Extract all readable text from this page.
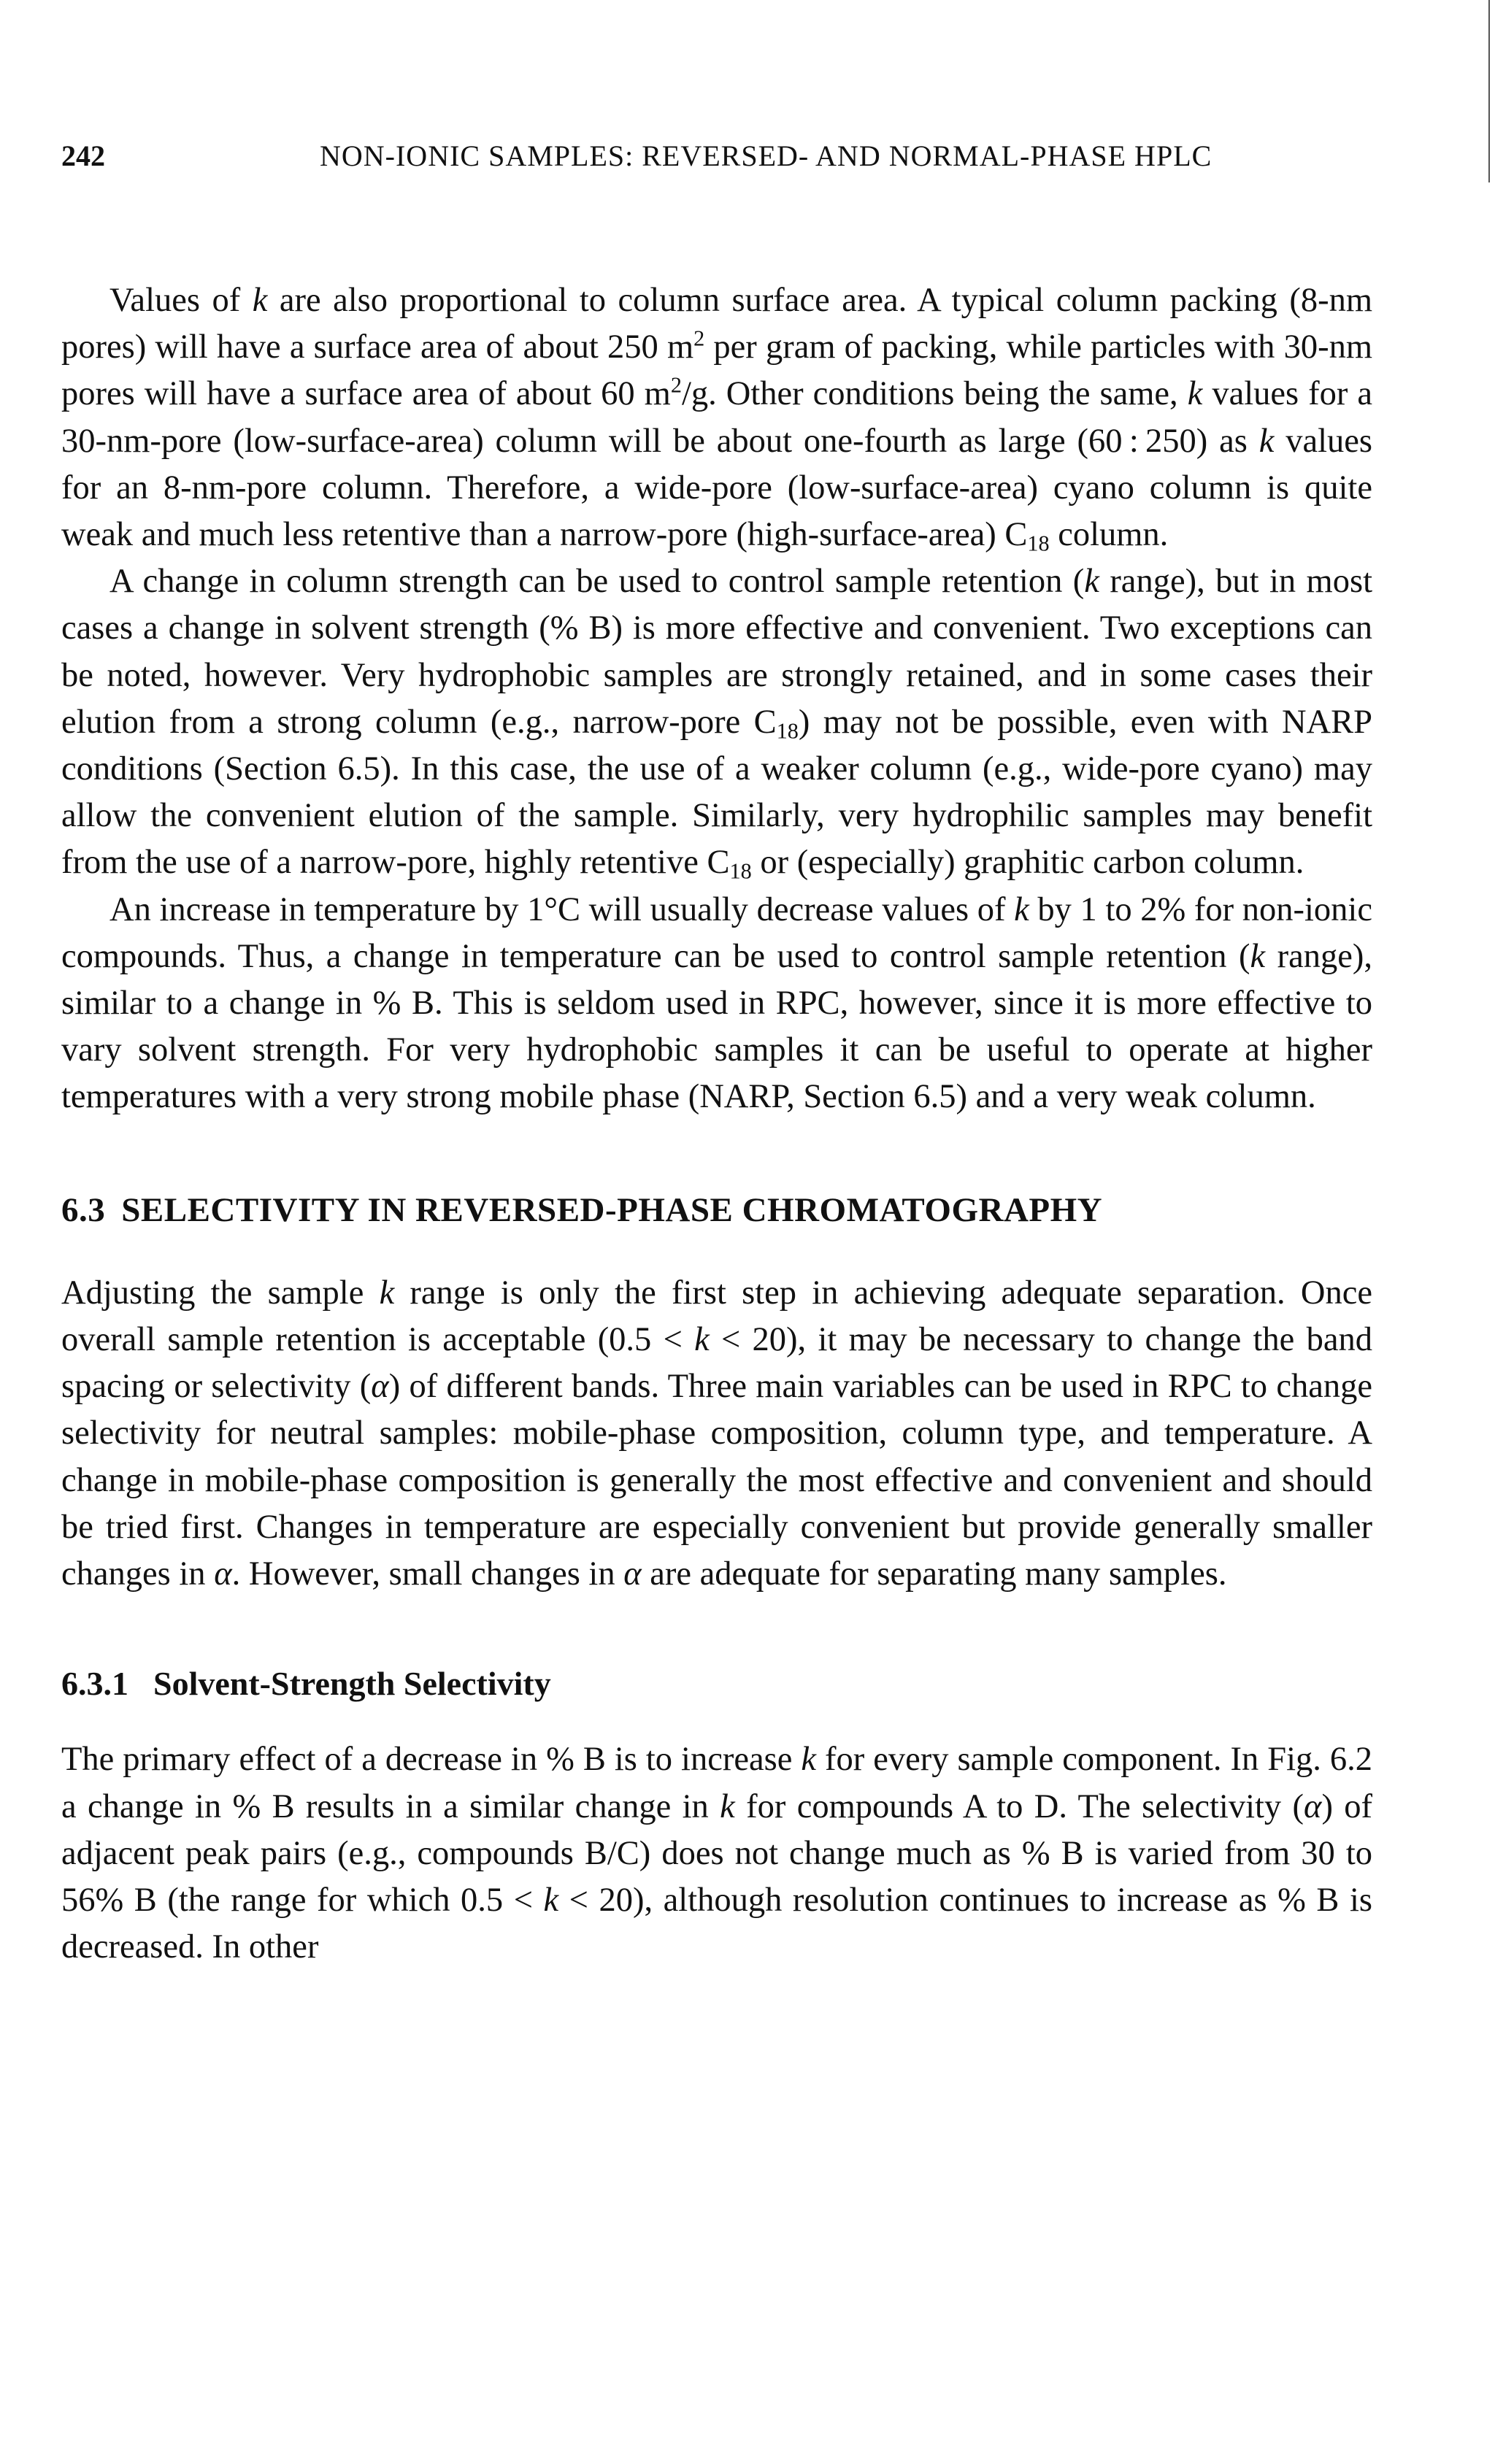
242	NON-IONIC SAMPLES: REVERSED- AND NORMAL-PHASE HPLC

Values of k are also proportional to column surface area. A typical column packing (8-nm pores) will have a surface area of about 250 $m^2$ per gram of packing, while particles with 30-nm pores will have a surface area of about 60 $m^2/g$. Other conditions being the same, k values for a 30-nm-pore (low-surface-area) column will be about one-fourth as large (60 : 250) as k values for an 8-nm-pore column. Therefore, a wide-pore (low-surface-area) cyano column is quite weak and much less retentive than a narrow-pore (high-surface-area) $C_{18}$ column.

A change in column strength can be used to control sample retention (k range), but in most cases a change in solvent strength (% B) is more effective and convenient. Two exceptions can be noted, however. Very hydrophobic samples are strongly retained, and in some cases their elution from a strong column (e.g., narrow-pore $C_{18}$) may not be possible, even with NARP conditions (Section 6.5). In this case, the use of a weaker column (e.g., wide-pore cyano) may allow the convenient elution of the sample. Similarly, very hydrophilic samples may benefit from the use of a narrow-pore, highly retentive $C_{18}$ or (especially) graphitic carbon column.

An increase in temperature by 1°C will usually decrease values of k by 1 to 2% for non-ionic compounds. Thus, a change in temperature can be used to control sample retention (k range), similar to a change in % B. This is seldom used in RPC, however, since it is more effective to vary solvent strength. For very hydrophobic samples it can be useful to operate at higher temperatures with a very strong mobile phase (NARP, Section 6.5) and a very weak column.

6.3 SELECTIVITY IN REVERSED-PHASE CHROMATOGRAPHY

Adjusting the sample k range is only the first step in achieving adequate separation. Once overall sample retention is acceptable (0.5 < k < 20), it may be necessary to change the band spacing or selectivity (α) of different bands. Three main variables can be used in RPC to change selectivity for neutral samples: mobile-phase composition, column type, and temperature. A change in mobile-phase composition is generally the most effective and convenient and should be tried first. Changes in temperature are especially convenient but provide generally smaller changes in α. However, small changes in α are adequate for separating many samples.

6.3.1 Solvent-Strength Selectivity

The primary effect of a decrease in % B is to increase k for every sample component. In Fig. 6.2 a change in % B results in a similar change in k for compounds A to D. The selectivity (α) of adjacent peak pairs (e.g., compounds B/C) does not change much as % B is varied from 30 to 56% B (the range for which 0.5 < k < 20), although resolution continues to increase as % B is decreased. In other
